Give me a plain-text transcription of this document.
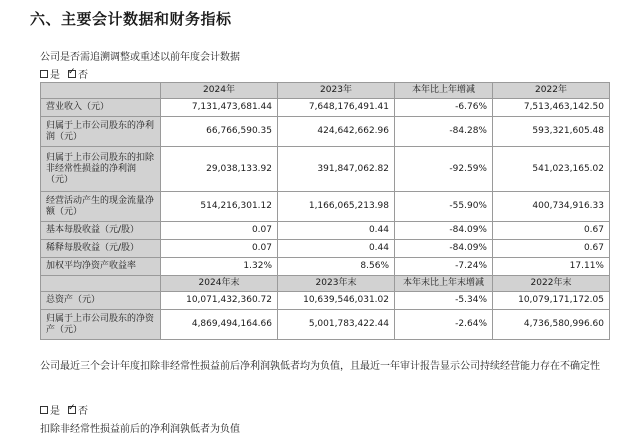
六、主要会计数据和财务指标
公司是否需追溯调整或重述以前年度会计数据
是 ✓ 否
	2024年	2023年	本年比上年增减	2022年
营业收入（元）	7,131,473,681.44	7,648,176,491.41	-6.76%	7,513,463,142.50
归属于上市公司股东的净利润（元）	66,766,590.35	424,642,662.96	-84.28%	593,321,605.48
归属于上市公司股东的扣除非经常性损益的净利润（元）	29,038,133.92	391,847,062.82	-92.59%	541,023,165.02
经营活动产生的现金流量净额（元）	514,216,301.12	1,166,065,213.98	-55.90%	400,734,916.33
基本每股收益（元/股）	0.07	0.44	-84.09%	0.67
稀释每股收益（元/股）	0.07	0.44	-84.09%	0.67
加权平均净资产收益率	1.32%	8.56%	-7.24%	17.11%
	2024年末	2023年末	本年末比上年末增减	2022年末
总资产（元）	10,071,432,360.72	10,639,546,031.02	-5.34%	10,079,171,172.05
归属于上市公司股东的净资产（元）	4,869,494,164.66	5,001,783,422.44	-2.64%	4,736,580,996.60
公司最近三个会计年度扣除非经常性损益前后净利润孰低者均为负值，且最近一年审计报告显示公司持续经营能力存在不确定性
是 ✓ 否
扣除非经常性损益前后的净利润孰低者为负值
